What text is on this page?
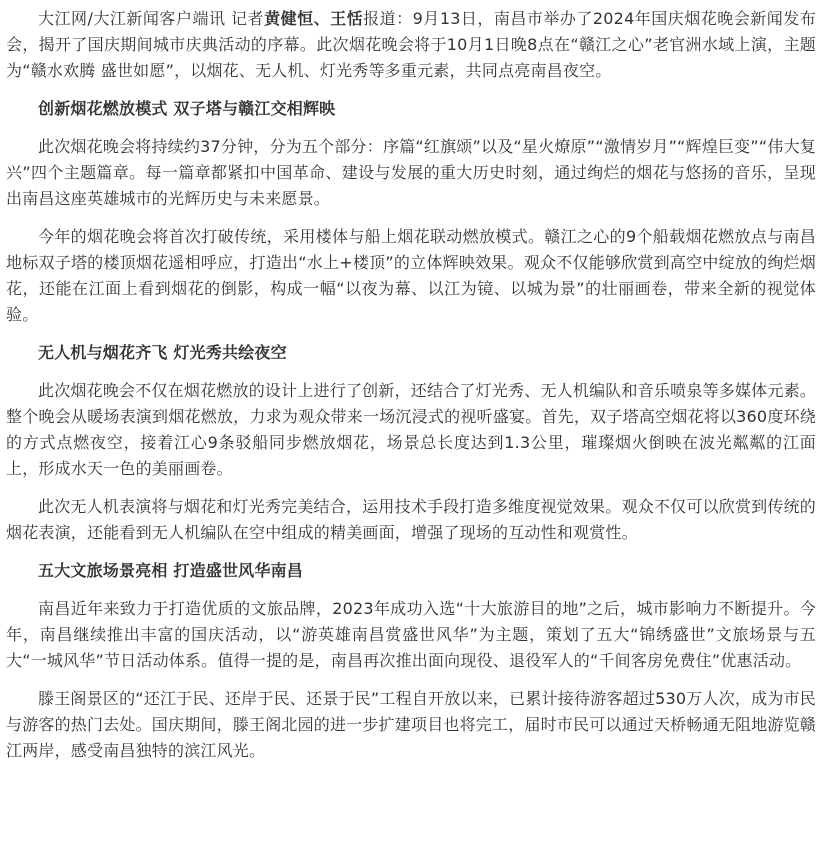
大江网/大江新闻客户端讯 记者黄健恒、王恬报道：9月13日，南昌市举办了2024年国庆烟花晚会新闻发布会，揭开了国庆期间城市庆典活动的序幕。此次烟花晚会将于10月1日晚8点在“赣江之心”老官洲水域上演，主题为“赣水欢腾 盛世如愿”，以烟花、无人机、灯光秀等多重元素，共同点亮南昌夜空。

创新烟花燃放模式 双子塔与赣江交相辉映

此次烟花晚会将持续约37分钟，分为五个部分：序篇“红旗颂”以及“星火燎原”“激情岁月”“辉煌巨变”“伟大复兴”四个主题篇章。每一篇章都紧扣中国革命、建设与发展的重大历史时刻，通过绚烂的烟花与悠扬的音乐，呈现出南昌这座英雄城市的光辉历史与未来愿景。

今年的烟花晚会将首次打破传统，采用楼体与船上烟花联动燃放模式。赣江之心的9个船载烟花燃放点与南昌地标双子塔的楼顶烟花遥相呼应，打造出“水上+楼顶”的立体辉映效果。观众不仅能够欣赏到高空中绽放的绚烂烟花，还能在江面上看到烟花的倒影，构成一幅“以夜为幕、以江为镜、以城为景”的壮丽画卷，带来全新的视觉体验。

无人机与烟花齐飞 灯光秀共绘夜空

此次烟花晚会不仅在烟花燃放的设计上进行了创新，还结合了灯光秀、无人机编队和音乐喷泉等多媒体元素。整个晚会从暖场表演到烟花燃放，力求为观众带来一场沉浸式的视听盛宴。首先，双子塔高空烟花将以360度环绕的方式点燃夜空，接着江心9条驳船同步燃放烟花，场景总长度达到1.3公里，璀璨烟火倒映在波光粼粼的江面上，形成水天一色的美丽画卷。

此次无人机表演将与烟花和灯光秀完美结合，运用技术手段打造多维度视觉效果。观众不仅可以欣赏到传统的烟花表演，还能看到无人机编队在空中组成的精美画面，增强了现场的互动性和观赏性。

五大文旅场景亮相 打造盛世风华南昌

南昌近年来致力于打造优质的文旅品牌，2023年成功入选“十大旅游目的地”之后，城市影响力不断提升。今年，南昌继续推出丰富的国庆活动，以“游英雄南昌赏盛世风华”为主题，策划了五大“锦绣盛世”文旅场景与五大“一城风华”节日活动体系。值得一提的是，南昌再次推出面向现役、退役军人的“千间客房免费住”优惠活动。

滕王阁景区的“还江于民、还岸于民、还景于民”工程自开放以来，已累计接待游客超过530万人次，成为市民与游客的热门去处。国庆期间，滕王阁北园的进一步扩建项目也将完工，届时市民可以通过天桥畅通无阻地游览赣江两岸，感受南昌独特的滨江风光。
